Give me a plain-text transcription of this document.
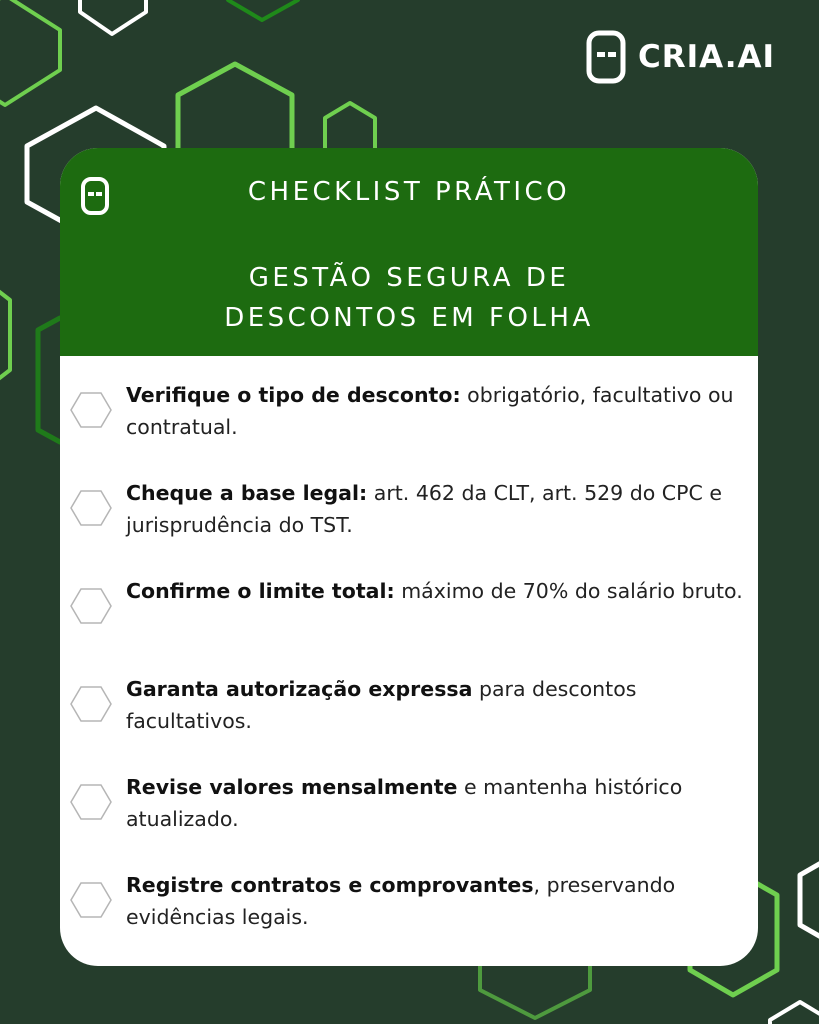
CRIA.AI
CHECKLIST PRÁTICO
GESTÃO SEGURA DE
DESCONTOS EM FOLHA
Verifique o tipo de desconto: obrigatório, facultativo ou contratual.
Cheque a base legal: art. 462 da CLT, art. 529 do CPC e jurisprudência do TST.
Confirme o limite total: máximo de 70% do salário bruto.
Garanta autorização expressa para descontos facultativos.
Revise valores mensalmente e mantenha histórico atualizado.
Registre contratos e comprovantes, preservando evidências legais.
